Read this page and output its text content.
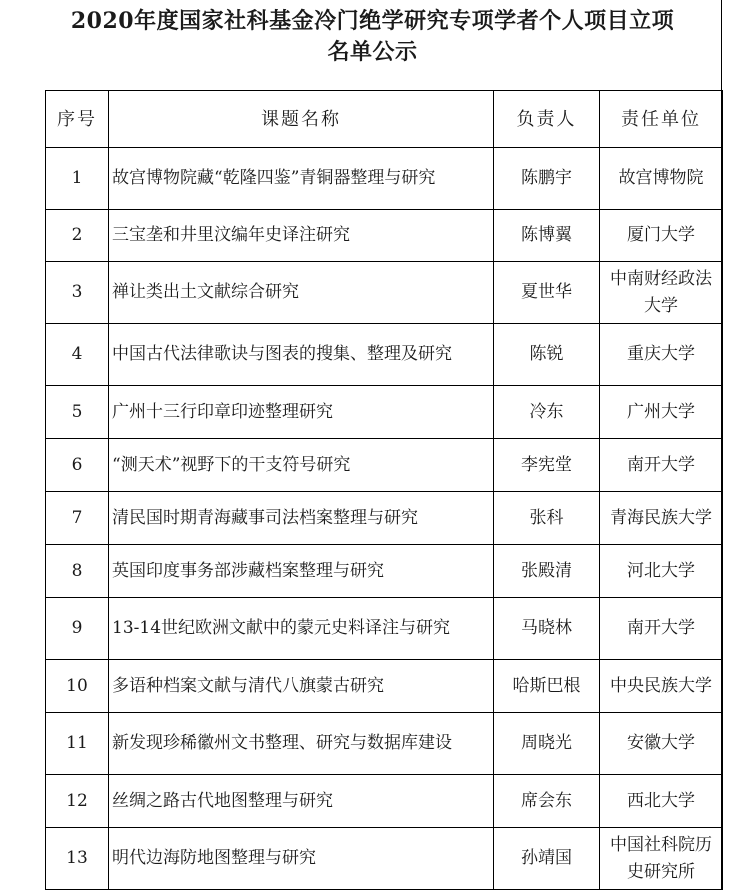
2020年度国家社科基金冷门绝学研究专项学者个人项目立项
名单公示
序号	课题名称	负责人	责任单位
1	故宫博物院藏“乾隆四鉴”青铜器整理与研究	陈鹏宇	故宫博物院
2	三宝垄和井里汶编年史译注研究	陈博翼	厦门大学
3	禅让类出土文献综合研究	夏世华	中南财经政法大学
4	中国古代法律歌诀与图表的搜集、整理及研究	陈锐	重庆大学
5	广州十三行印章印迹整理研究	冷东	广州大学
6	“测天术”视野下的干支符号研究	李宪堂	南开大学
7	清民国时期青海藏事司法档案整理与研究	张科	青海民族大学
8	英国印度事务部涉藏档案整理与研究	张殿清	河北大学
9	13-14世纪欧洲文献中的蒙元史料译注与研究	马晓林	南开大学
10	多语种档案文献与清代八旗蒙古研究	哈斯巴根	中央民族大学
11	新发现珍稀徽州文书整理、研究与数据库建设	周晓光	安徽大学
12	丝绸之路古代地图整理与研究	席会东	西北大学
13	明代边海防地图整理与研究	孙靖国	中国社科院历史研究所
